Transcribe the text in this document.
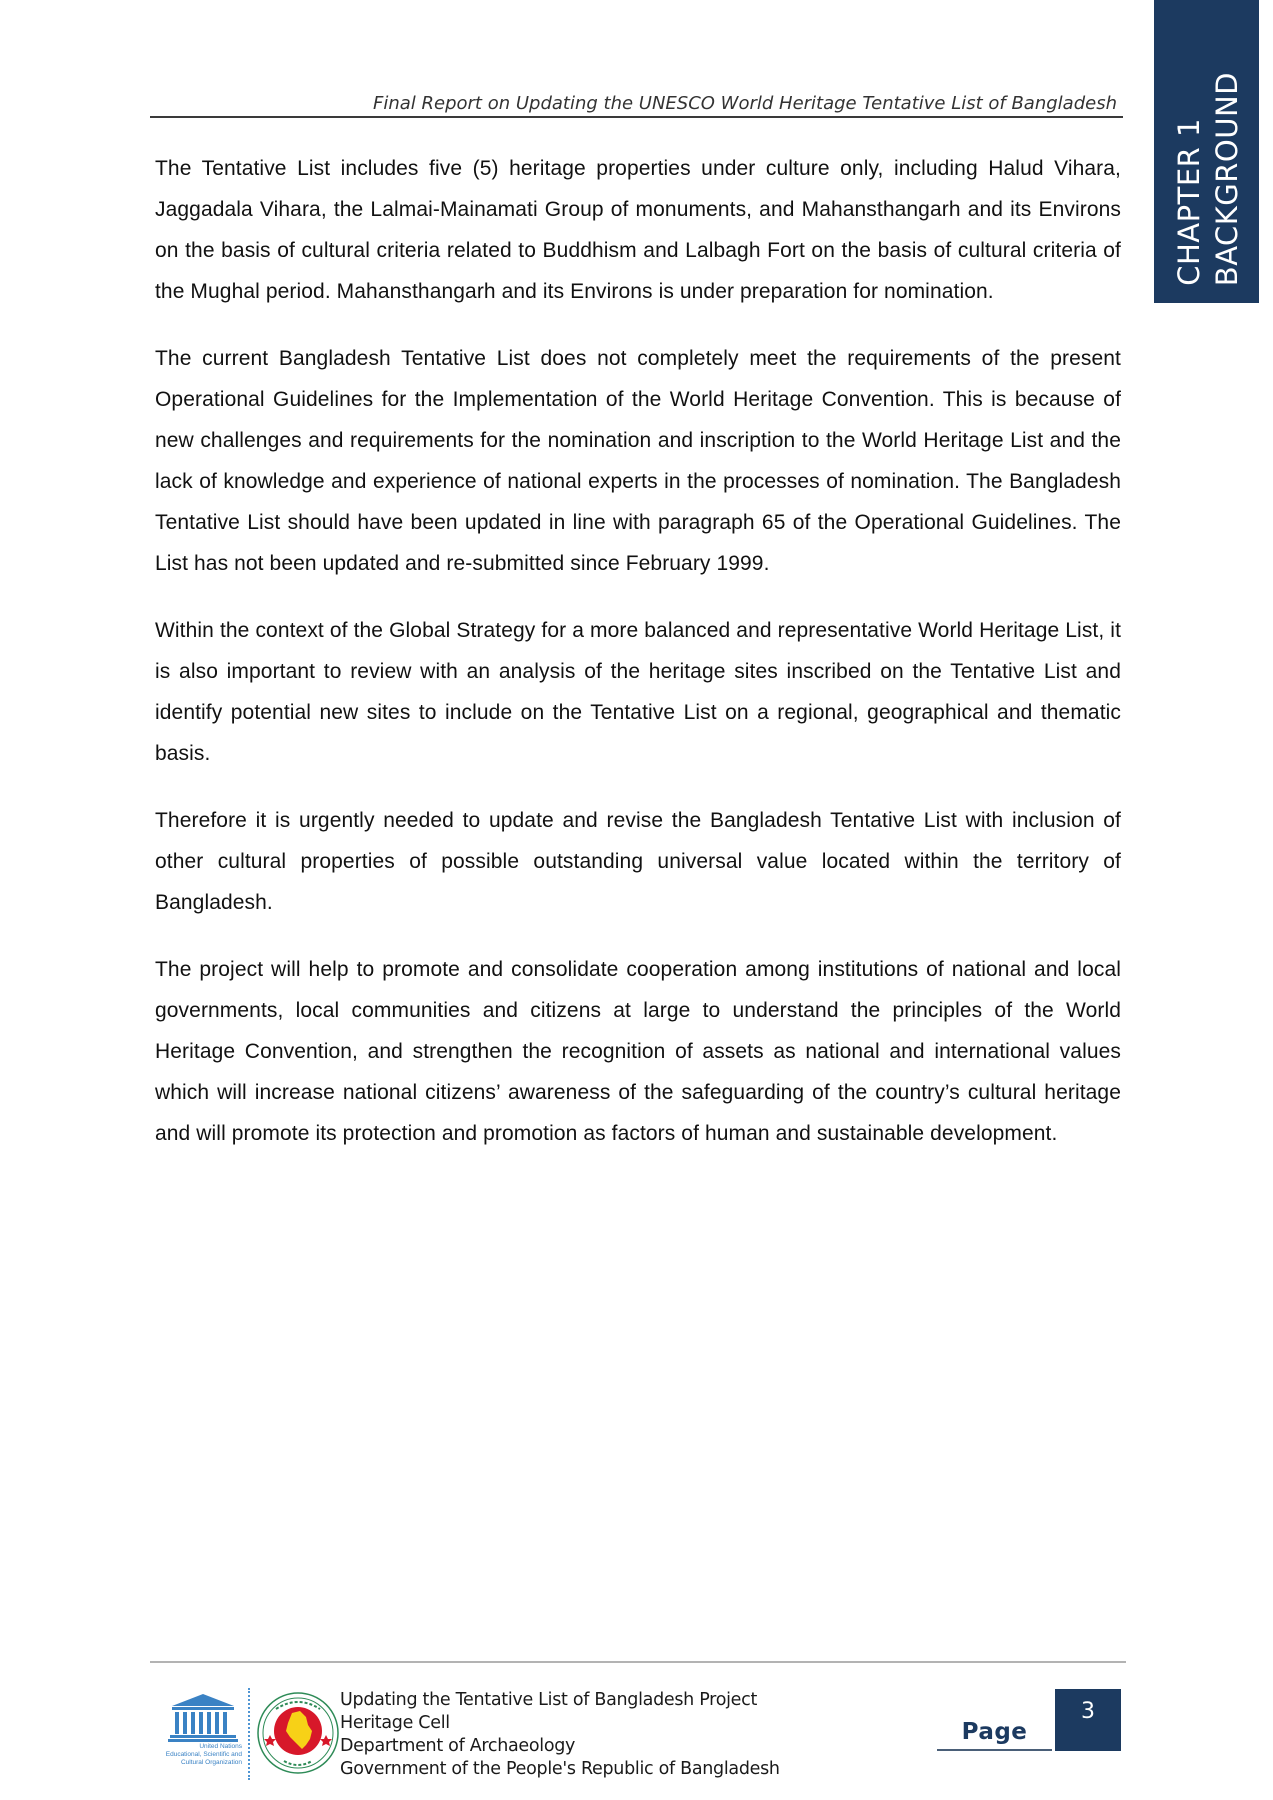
CHAPTER 1 BACKGROUND
Final Report on Updating the UNESCO World Heritage Tentative List of Bangladesh

The Tentative List includes five (5) heritage properties under culture only, including Halud Vihara, Jaggadala Vihara, the Lalmai-Mainamati Group of monuments, and Mahansthangarh and its Environs on the basis of cultural criteria related to Buddhism and Lalbagh Fort on the basis of cultural criteria of the Mughal period. Mahansthangarh and its Environs is under preparation for nomination.

The current Bangladesh Tentative List does not completely meet the requirements of the present Operational Guidelines for the Implementation of the World Heritage Convention. This is because of new challenges and requirements for the nomination and inscription to the World Heritage List and the lack of knowledge and experience of national experts in the processes of nomination. The Bangladesh Tentative List should have been updated in line with paragraph 65 of the Operational Guidelines. The List has not been updated and re-submitted since February 1999.

Within the context of the Global Strategy for a more balanced and representative World Heritage List, it is also important to review with an analysis of the heritage sites inscribed on the Tentative List and identify potential new sites to include on the Tentative List on a regional, geographical and thematic basis.

Therefore it is urgently needed to update and revise the Bangladesh Tentative List with inclusion of other cultural properties of possible outstanding universal value located within the territory of Bangladesh.

The project will help to promote and consolidate cooperation among institutions of national and local governments, local communities and citizens at large to understand the principles of the World Heritage Convention, and strengthen the recognition of assets as national and international values which will increase national citizens’ awareness of the safeguarding of the country’s cultural heritage and will promote its protection and promotion as factors of human and sustainable development.

United Nations
Educational, Scientific and
Cultural Organization
Updating the Tentative List of Bangladesh Project
Heritage Cell
Department of Archaeology
Government of the People's Republic of Bangladesh
Page
3
